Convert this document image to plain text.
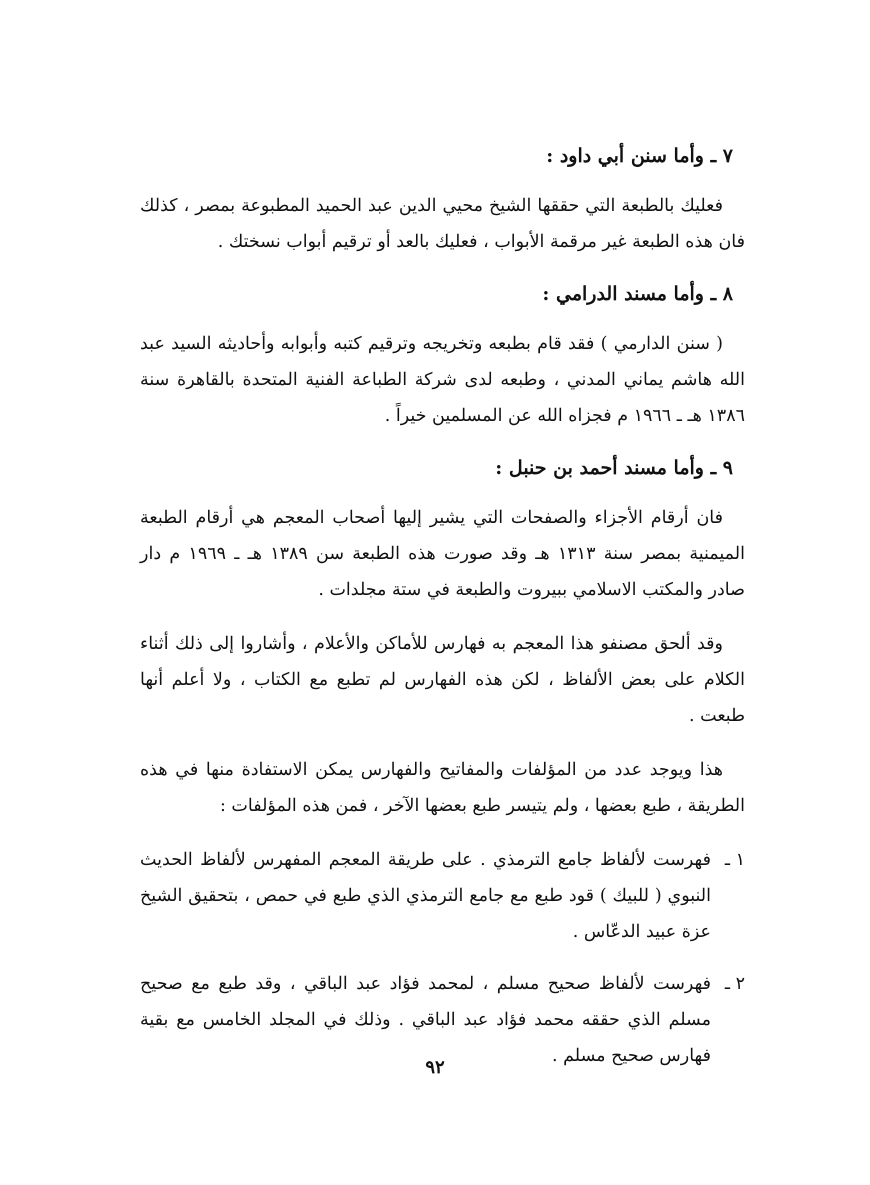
٧ ـ وأما سنن أبي داود :

فعليك بالطبعة التي حققها الشيخ محيي الدين عبد الحميد المطبوعة بمصر ، كذلك فان هذه الطبعة غير مرقمة الأبواب ، فعليك بالعد أو ترقيم أبواب نسختك .

٨ ـ وأما مسند الدرامي :

( سنن الدارمي ) فقد قام بطبعه وتخريجه وترقيم كتبه وأبوابه وأحاديثه السيد عبد الله هاشم يماني المدني ، وطبعه لدى شركة الطباعة الفنية المتحدة بالقاهرة سنة ١٣٨٦ هـ ـ ١٩٦٦ م فجزاه الله عن المسلمين خيراً .

٩ ـ وأما مسند أحمد بن حنبل :

فان أرقام الأجزاء والصفحات التي يشير إليها أصحاب المعجم هي أرقام الطبعة الميمنية بمصر سنة ١٣١٣ هـ وقد صورت هذه الطبعة سن ١٣٨٩ هـ ـ ١٩٦٩ م دار صادر والمكتب الاسلامي ببيروت والطبعة في ستة مجلدات .

وقد ألحق مصنفو هذا المعجم به فهارس للأماكن والأعلام ، وأشاروا إلى ذلك أثناء الكلام على بعض الألفاظ ، لكن هذه الفهارس لم تطبع مع الكتاب ، ولا أعلم أنها طبعت .

هذا ويوجد عدد من المؤلفات والمفاتيح والفهارس يمكن الاستفادة منها في هذه الطريقة ، طبع بعضها ، ولم يتيسر طبع بعضها الآخر ، فمن هذه المؤلفات :

١ ـ
فهرست لألفاظ جامع الترمذي . على طريقة المعجم المفهرس لألفاظ الحديث النبوي ( للبيك ) قود طبع مع جامع الترمذي الذي طبع في حمص ، بتحقيق الشيخ عزة عبيد الدعّاس .
٢ ـ
فهرست لألفاظ صحيح مسلم ، لمحمد فؤاد عبد الباقي ، وقد طبع مع صحيح مسلم الذي حققه محمد فؤاد عبد الباقي . وذلك في المجلد الخامس مع بقية فهارس صحيح مسلم .
٩٢
